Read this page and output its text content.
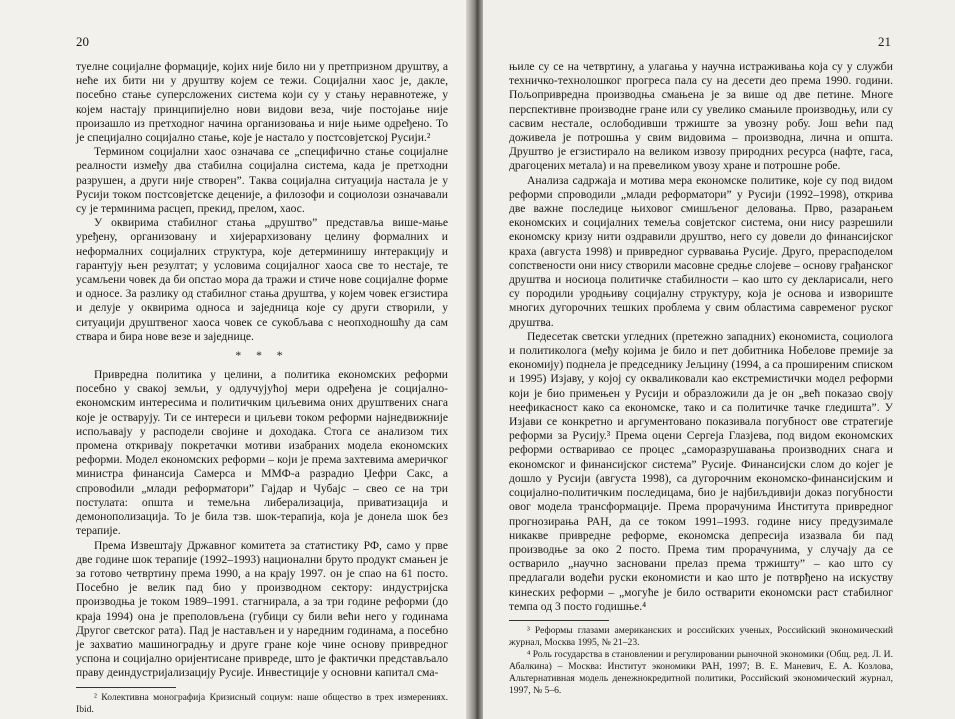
20

туелне социјалне формације, којих није било ни у претпризном друштву, а неће их бити ни у друштву којем се тежи. Социјални хаос је, дакле, посебно стање суперсложених система који су у стању неравнотеже, у којем настају принципијелно нови видови веза, чије постојање није произашло из претходног начина организовања и није њиме одређено. То је специјално социјално стање, које је настало у постсовјетској Русији.²

Термином социјални хаос означава се „специфично стање социјалне реалности између два стабилна социјална система, када је претходни разрушен, а други није створен”. Таква социјална ситуација настала је у Русији током постсовјетске деценије, а филозофи и социолози означавали су је терминима расцеп, прекид, прелом, хаос.

У оквирима стабилног стања „друштво” представља више-мање уређену, организовану и хијерархизовану целину формалних и неформалних социјалних структура, које детерминишу интеракцију и гарантују њен резултат; у условима социјалног хаоса све то нестаје, те усамљени човек да би опстао мора да тражи и стиче нове социјалне форме и односе. За разлику од стабилног стања друштва, у којем човек егзистира и делује у оквирима односа и заједница које су други створили, у ситуацији друштвеног хаоса човек се сукобљава с неопходношћу да сам ствара и бира нове везе и заједнице.

* * *

Привредна политика у целини, а политика економских реформи посебно у свакој земљи, у одлучујућој мери одређена је социјално-економским интересима и политичким циљевима оних друштвених снага које је остварују. Ти се интереси и циљеви током реформи најнедвижније испољавају у расподели својине и доходака. Стога се анализом тих промена откривају покретачки мотиви изабраних модела економских реформи. Модел економских реформи – који је према захтевима америчког министра финансија Самерса и ММФ-а разрадио Џефри Сакс, а спровodили „млади реформатори” Гајдар и Чубајс – свео се на три постулата: општа и темељна либерализација, приватизација и демонополизација. То је била тзв. шок-терапија, која је донела шок без терапије.

Према Извештају Државног комитета за статистику РФ, само у прве две године шок терапије (1992–1993) национални бруто продукт смањен је за готово четвртину према 1990, а на крају 1997. он је спао на 61 посто. Посебно је велик пад био у производном сектору: индустријска производња је током 1989–1991. стагнирала, а за три године реформи (до краја 1994) она је преполовљена (губици су били већи него у годинама Другог светског рата). Пад је настављен и у наредним годинама, а посебно је захватио машиноградњу и друге гране које чине основу привредног успона и социјално оријентисане привреде, што је фактички представљало праву деиндустријализацију Русије. Инвестиције у основни капитал сма-

² Колективна монографија Кризисный социум: наше общество в трех измерениях. Ibid.

21

њиле су се на четвртину, а улагања у научна истраживања која су у служби техничко-технолошког прогреса пала су на десети део према 1990. години. Пољопривредна производња смањена је за више од две петине. Многе перспективне производне гране или су увелико смањиле производњу, или су сасвим нестале, ослободивши тржиште за увозну робу. Још већи пад доживела је потрошња у свим видовима – производна, лична и општа. Друштво је егзистирало на великом извозу природних ресурса (нафте, гаса, драгоцених метала) и на превеликом увозу хране и потрошне робе.

Анализа садржаја и мотива мера економске политике, које су под видом реформи спроводили „млади реформатори” у Русији (1992–1998), открива две важне последице њиховог смишљеног деловања. Прво, разарањем економских и социјалних темеља совјетског система, они нису разрешили економску кризу нити оздравили друштво, него су довели до финансијског краха (августа 1998) и привредног сурвавања Русије. Друго, прерасподелом сопствености они нису створили масовне средње слојеве – основу грађанског друштва и носиоца политичке стабилности – као што су декларисали, него су породили уродњиву социјалну структуру, која је основа и извориште многих дугорочних тешких проблема у свим областима савременог руског друштва.

Педесетак светски угледних (претежно западних) економиста, социолога и политиколога (међу којима је било и пет добитника Нобелове премије за економију) поднела је председнику Јељцину (1994, а са проширеним списком и 1995) Изјаву, у којој су окваликовали као екстремистички модел реформи који је био примењен у Русији и образложили да је он „већ показао своју неефикасност како са економске, тако и са политичке тачке гледишта”. У Изјави се конкретно и аргументовано показивала погубност ове стратегије реформи за Русију.³ Према оцени Сергеја Глазјева, под видом економских реформи остваривао се процес „саморазрушавања производних снага и економског и финансијског система” Русије. Финансијски слом до којег је дошло у Русији (августа 1998), са дугорочним економско-финансијским и социјално-политичким последицама, био је најбиљдивији доказ погубности овог модела трансформације. Према прорачунима Института привредног прогнозирања РАН, да се током 1991–1993. године нису предузимале никакве привредне реформе, економска депресија изазвала би пад производње за око 2 посто. Према тим прорачунима, у случају да се остварило „научно засновани прелаз према тржишту” – као што су предлагали водећи руски економисти и као што је потврђено на искуству кинеских реформи – „могуће је било остварити економски раст стабилног темпа од 3 посто годишње.⁴

³ Реформы глазами американских и российских ученых, Российский экономический журнал, Москва 1995, № 21–23.

⁴ Роль государства в становлении и регулировании рыночной экономики (Общ. ред. Л. И. Абалкина) – Москва: Институт экономики РАН, 1997; В. Е. Маневич, Е. А. Козлова, Альтернативная модель денежнокредитной политики, Российский экономический журнал, 1997, № 5–6.
